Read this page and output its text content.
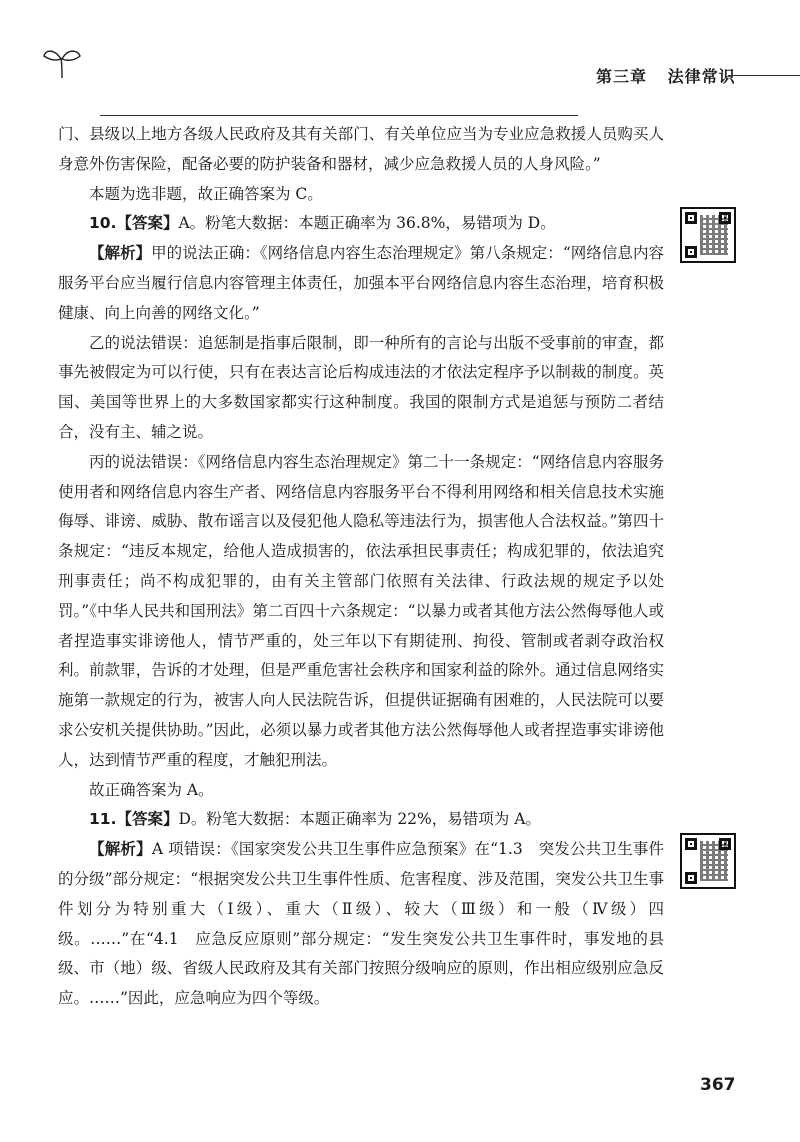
第三章 法律常识

门、县级以上地方各级人民政府及其有关部门、有关单位应当为专业应急救援人员购买人身意外伤害保险，配备必要的防护装备和器材，减少应急救援人员的人身风险。”

本题为选非题，故正确答案为 C。

10.【答案】A。粉笔大数据：本题正确率为 36.8%，易错项为 D。

【解析】甲的说法正确：《网络信息内容生态治理规定》第八条规定：“网络信息内容服务平台应当履行信息内容管理主体责任，加强本平台网络信息内容生态治理，培育积极健康、向上向善的网络文化。”

乙的说法错误：追惩制是指事后限制，即一种所有的言论与出版不受事前的审查，都事先被假定为可以行使，只有在表达言论后构成违法的才依法定程序予以制裁的制度。英国、美国等世界上的大多数国家都实行这种制度。我国的限制方式是追惩与预防二者结合，没有主、辅之说。

丙的说法错误：《网络信息内容生态治理规定》第二十一条规定：“网络信息内容服务使用者和网络信息内容生产者、网络信息内容服务平台不得利用网络和相关信息技术实施侮辱、诽谤、威胁、散布谣言以及侵犯他人隐私等违法行为，损害他人合法权益。”第四十条规定：“违反本规定，给他人造成损害的，依法承担民事责任；构成犯罪的，依法追究刑事责任；尚不构成犯罪的，由有关主管部门依照有关法律、行政法规的规定予以处罚。”《中华人民共和国刑法》第二百四十六条规定：“以暴力或者其他方法公然侮辱他人或者捏造事实诽谤他人，情节严重的，处三年以下有期徒刑、拘役、管制或者剥夺政治权利。前款罪，告诉的才处理，但是严重危害社会秩序和国家利益的除外。通过信息网络实施第一款规定的行为，被害人向人民法院告诉，但提供证据确有困难的，人民法院可以要求公安机关提供协助。”因此，必须以暴力或者其他方法公然侮辱他人或者捏造事实诽谤他人，达到情节严重的程度，才触犯刑法。

故正确答案为 A。

11.【答案】D。粉笔大数据：本题正确率为 22%，易错项为 A。

【解析】A 项错误：《国家突发公共卫生事件应急预案》在“1.3　突发公共卫生事件的分级”部分规定：“根据突发公共卫生事件性质、危害程度、涉及范围，突发公共卫生事件划分为特别重大（Ⅰ级）、重大（Ⅱ级）、较大（Ⅲ级）和一般（Ⅳ级）四级。……”在“4.1　应急反应原则”部分规定：“发生突发公共卫生事件时，事发地的县级、市（地）级、省级人民政府及其有关部门按照分级响应的原则，作出相应级别应急反应。……”因此，应急响应为四个等级。

367
